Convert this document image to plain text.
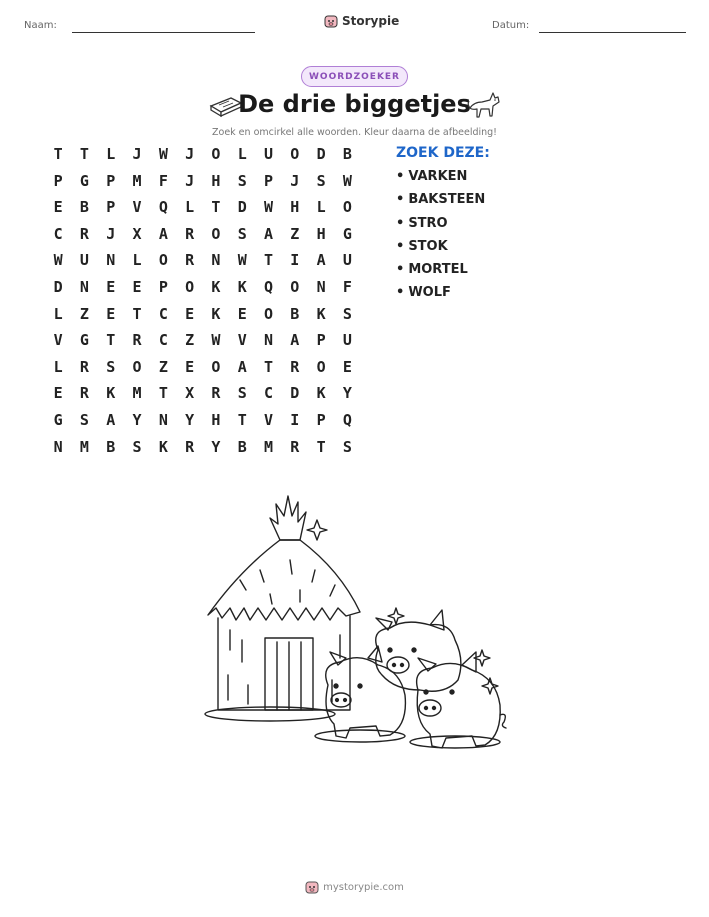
Naam:	Storypie	Datum:
WOORDZOEKER
De drie biggetjes
Zoek en omcirkel alle woorden. Kleur daarna de afbeelding!
T	T	L	J	W	J	O	L	U	O	D	B
P	G	P	M	F	J	H	S	P	J	S	W
E	B	P	V	Q	L	T	D	W	H	L	O
C	R	J	X	A	R	O	S	A	Z	H	G
W	U	N	L	O	R	N	W	T	I	A	U
D	N	E	E	P	O	K	K	Q	O	N	F
L	Z	E	T	C	E	K	E	O	B	K	S
V	G	T	R	C	Z	W	V	N	A	P	U
L	R	S	O	Z	E	O	A	T	R	O	E
E	R	K	M	T	X	R	S	C	D	K	Y
G	S	A	Y	N	Y	H	T	V	I	P	Q
N	M	B	S	K	R	Y	B	M	R	T	S
ZOEK DEZE:
• VARKEN
• BAKSTEEN
• STRO
• STOK
• MORTEL
• WOLF
mystorypie.com
